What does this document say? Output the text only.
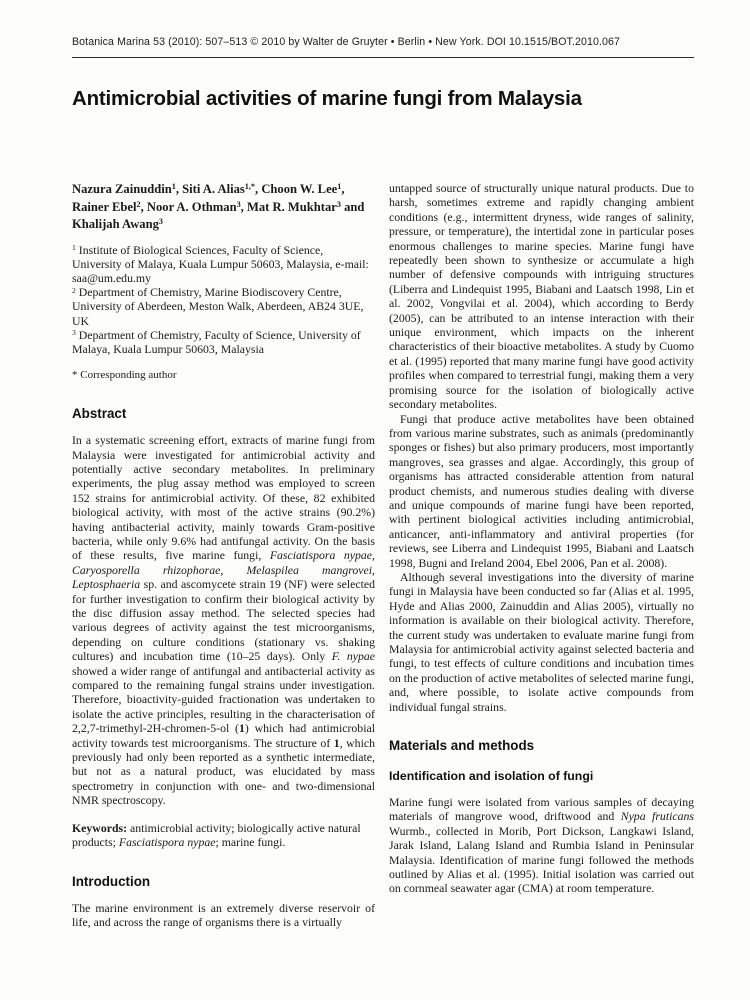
Botanica Marina 53 (2010): 507–513 © 2010 by Walter de Gruyter • Berlin • New York. DOI 10.1515/BOT.2010.067
Antimicrobial activities of marine fungi from Malaysia

Nazura Zainuddin$^1$, Siti A. Alias$^{1,*}$, Choon W. Lee$^1$, Rainer Ebel$^2$, Noor A. Othman$^3$, Mat R. Mukhtar$^3$ and Khalijah Awang$^3$

$^1$ Institute of Biological Sciences, Faculty of Science, University of Malaya, Kuala Lumpur 50603, Malaysia, e-mail: saa@um.edu.my

$^2$ Department of Chemistry, Marine Biodiscovery Centre, University of Aberdeen, Meston Walk, Aberdeen, AB24 3UE, UK

$^3$ Department of Chemistry, Faculty of Science, University of Malaya, Kuala Lumpur 50603, Malaysia

* Corresponding author

Abstract

In a systematic screening effort, extracts of marine fungi from Malaysia were investigated for antimicrobial activity and potentially active secondary metabolites. In preliminary experiments, the plug assay method was employed to screen 152 strains for antimicrobial activity. Of these, 82 exhibited biological activity, with most of the active strains (90.2%) having antibacterial activity, mainly towards Gram-positive bacteria, while only 9.6% had antifungal activity. On the basis of these results, five marine fungi, Fasciatispora nypae, Caryosporella rhizophorae, Melaspilea mangrovei, Leptosphaeria sp. and ascomycete strain 19 (NF) were selected for further investigation to confirm their biological activity by the disc diffusion assay method. The selected species had various degrees of activity against the test microorganisms, depending on culture conditions (stationary vs. shaking cultures) and incubation time (10–25 days). Only F. nypae showed a wider range of antifungal and antibacterial activity as compared to the remaining fungal strains under investigation. Therefore, bioactivity-guided fractionation was undertaken to isolate the active principles, resulting in the characterisation of 2,2,7-trimethyl-2H-chromen-5-ol (1) which had antimicrobial activity towards test microorganisms. The structure of 1, which previously had only been reported as a synthetic intermediate, but not as a natural product, was elucidated by mass spectrometry in conjunction with one- and two-dimensional NMR spectroscopy.

Keywords: antimicrobial activity; biologically active natural products; Fasciatispora nypae; marine fungi.

Introduction

The marine environment is an extremely diverse reservoir of life, and across the range of organisms there is a virtually

untapped source of structurally unique natural products. Due to harsh, sometimes extreme and rapidly changing ambient conditions (e.g., intermittent dryness, wide ranges of salinity, pressure, or temperature), the intertidal zone in particular poses enormous challenges to marine species. Marine fungi have repeatedly been shown to synthesize or accumulate a high number of defensive compounds with intriguing structures (Liberra and Lindequist 1995, Biabani and Laatsch 1998, Lin et al. 2002, Vongvilai et al. 2004), which according to Berdy (2005), can be attributed to an intense interaction with their unique environment, which impacts on the inherent characteristics of their bioactive metabolites. A study by Cuomo et al. (1995) reported that many marine fungi have good activity profiles when compared to terrestrial fungi, making them a very promising source for the isolation of biologically active secondary metabolites.

Fungi that produce active metabolites have been obtained from various marine substrates, such as animals (predominantly sponges or fishes) but also primary producers, most importantly mangroves, sea grasses and algae. Accordingly, this group of organisms has attracted considerable attention from natural product chemists, and numerous studies dealing with diverse and unique compounds of marine fungi have been reported, with pertinent biological activities including antimicrobial, anticancer, anti-inflammatory and antiviral properties (for reviews, see Liberra and Lindequist 1995, Biabani and Laatsch 1998, Bugni and Ireland 2004, Ebel 2006, Pan et al. 2008).

Although several investigations into the diversity of marine fungi in Malaysia have been conducted so far (Alias et al. 1995, Hyde and Alias 2000, Zainuddin and Alias 2005), virtually no information is available on their biological activity. Therefore, the current study was undertaken to evaluate marine fungi from Malaysia for antimicrobial activity against selected bacteria and fungi, to test effects of culture conditions and incubation times on the production of active metabolites of selected marine fungi, and, where possible, to isolate active compounds from individual fungal strains.

Materials and methods
Identification and isolation of fungi

Marine fungi were isolated from various samples of decaying materials of mangrove wood, driftwood and Nypa fruticans Wurmb., collected in Morib, Port Dickson, Langkawi Island, Jarak Island, Lalang Island and Rumbia Island in Peninsular Malaysia. Identification of marine fungi followed the methods outlined by Alias et al. (1995). Initial isolation was carried out on cornmeal seawater agar (CMA) at room temperature.
